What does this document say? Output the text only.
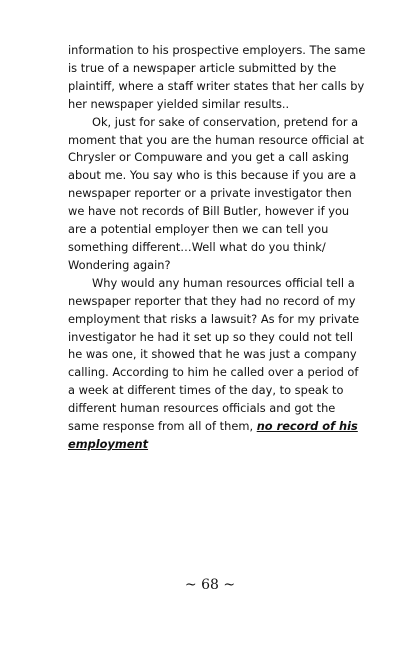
information to his prospective employers. The same is true of a newspaper article submitted by the plaintiff, where a staff writer states that her calls by her newspaper yielded similar results..

Ok, just for sake of conservation, pretend for a moment that you are the human resource official at Chrysler or Compuware and you get a call asking about me. You say who is this because if you are a newspaper reporter or a private investigator then we have not records of Bill Butler, however if you are a potential employer then we can tell you something different…Well what do you think/ Wondering again?

Why would any human resources official tell a newspaper reporter that they had no record of my employment that risks a lawsuit? As for my private investigator he had it set up so they could not tell he was one, it showed that he was just a company calling. According to him he called over a period of a week at different times of the day, to speak to different human resources officials and got the same response from all of them, no record of his employment

~ 68 ~
